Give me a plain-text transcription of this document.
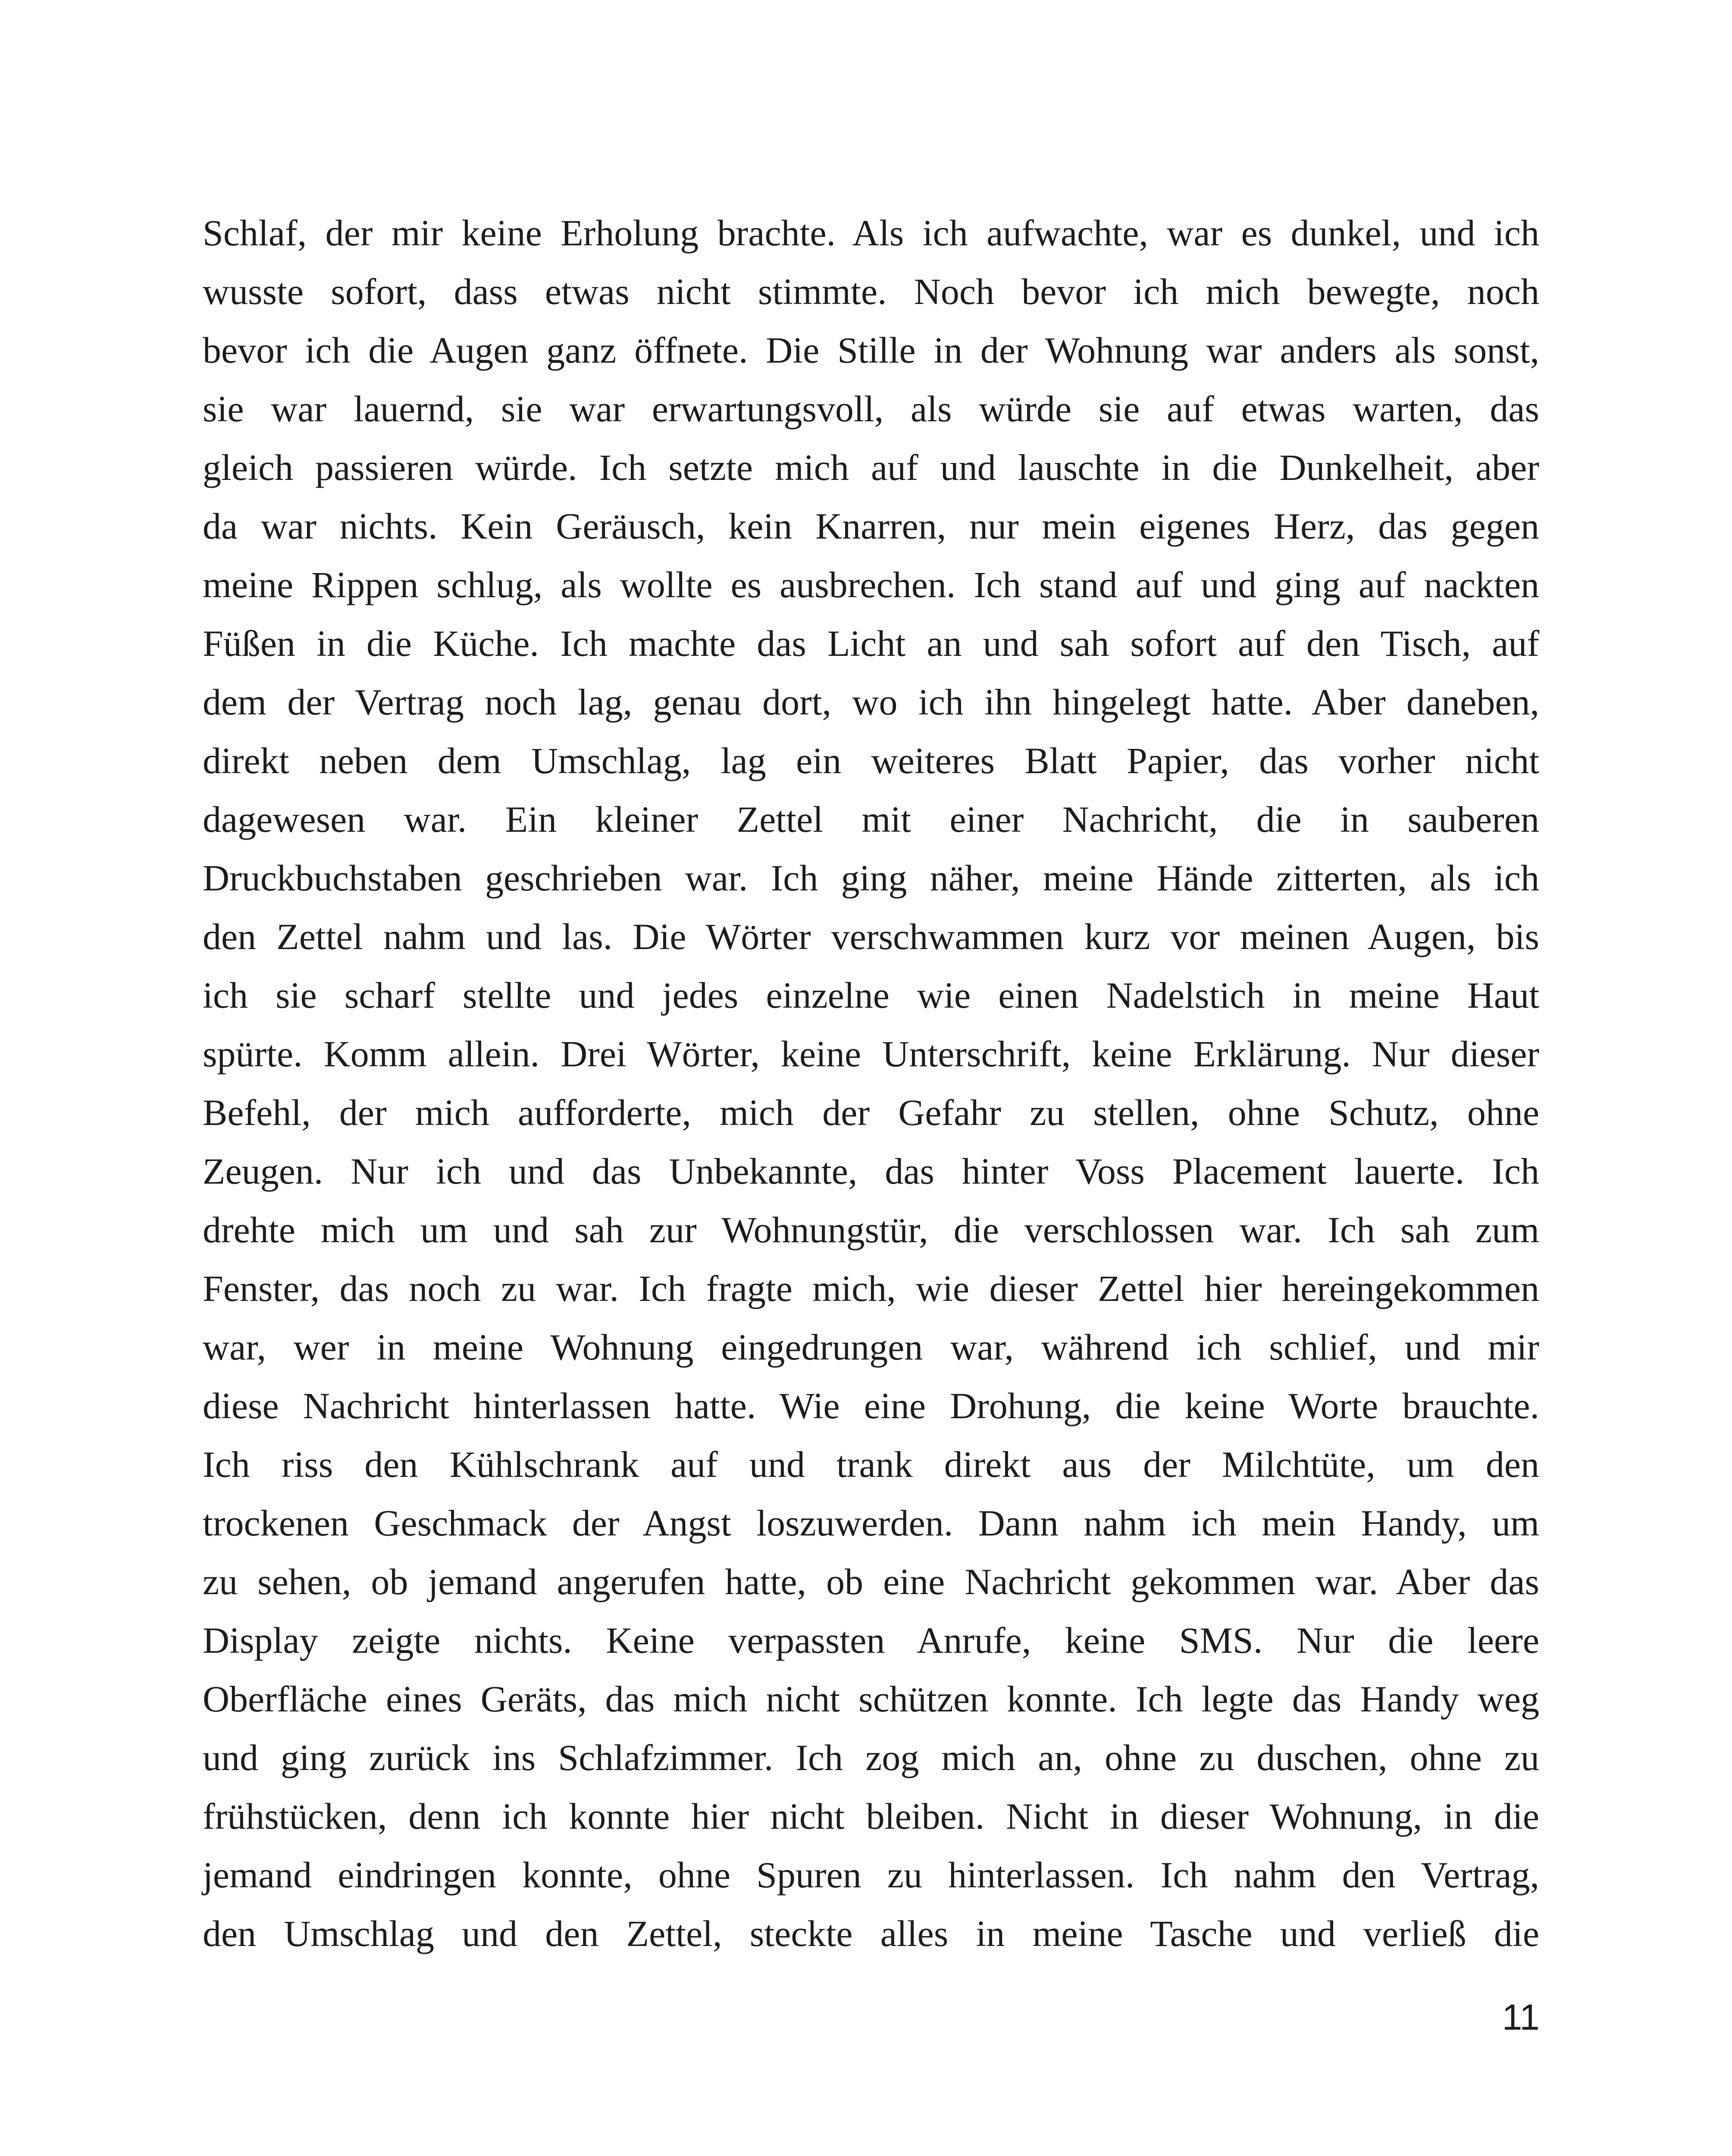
Schlaf, der mir keine Erholung brachte. Als ich aufwachte, war es dunkel, und ich
wusste sofort, dass etwas nicht stimmte. Noch bevor ich mich bewegte, noch
bevor ich die Augen ganz öffnete. Die Stille in der Wohnung war anders als sonst,
sie war lauernd, sie war erwartungsvoll, als würde sie auf etwas warten, das
gleich passieren würde. Ich setzte mich auf und lauschte in die Dunkelheit, aber
da war nichts. Kein Geräusch, kein Knarren, nur mein eigenes Herz, das gegen
meine Rippen schlug, als wollte es ausbrechen. Ich stand auf und ging auf nackten
Füßen in die Küche. Ich machte das Licht an und sah sofort auf den Tisch, auf
dem der Vertrag noch lag, genau dort, wo ich ihn hingelegt hatte. Aber daneben,
direkt neben dem Umschlag, lag ein weiteres Blatt Papier, das vorher nicht
dagewesen war. Ein kleiner Zettel mit einer Nachricht, die in sauberen
Druckbuchstaben geschrieben war. Ich ging näher, meine Hände zitterten, als ich
den Zettel nahm und las. Die Wörter verschwammen kurz vor meinen Augen, bis
ich sie scharf stellte und jedes einzelne wie einen Nadelstich in meine Haut
spürte. Komm allein. Drei Wörter, keine Unterschrift, keine Erklärung. Nur dieser
Befehl, der mich aufforderte, mich der Gefahr zu stellen, ohne Schutz, ohne
Zeugen. Nur ich und das Unbekannte, das hinter Voss Placement lauerte. Ich
drehte mich um und sah zur Wohnungstür, die verschlossen war. Ich sah zum
Fenster, das noch zu war. Ich fragte mich, wie dieser Zettel hier hereingekommen
war, wer in meine Wohnung eingedrungen war, während ich schlief, und mir
diese Nachricht hinterlassen hatte. Wie eine Drohung, die keine Worte brauchte.
Ich riss den Kühlschrank auf und trank direkt aus der Milchtüte, um den
trockenen Geschmack der Angst loszuwerden. Dann nahm ich mein Handy, um
zu sehen, ob jemand angerufen hatte, ob eine Nachricht gekommen war. Aber das
Display zeigte nichts. Keine verpassten Anrufe, keine SMS. Nur die leere
Oberfläche eines Geräts, das mich nicht schützen konnte. Ich legte das Handy weg
und ging zurück ins Schlafzimmer. Ich zog mich an, ohne zu duschen, ohne zu
frühstücken, denn ich konnte hier nicht bleiben. Nicht in dieser Wohnung, in die
jemand eindringen konnte, ohne Spuren zu hinterlassen. Ich nahm den Vertrag,
den Umschlag und den Zettel, steckte alles in meine Tasche und verließ die
11
